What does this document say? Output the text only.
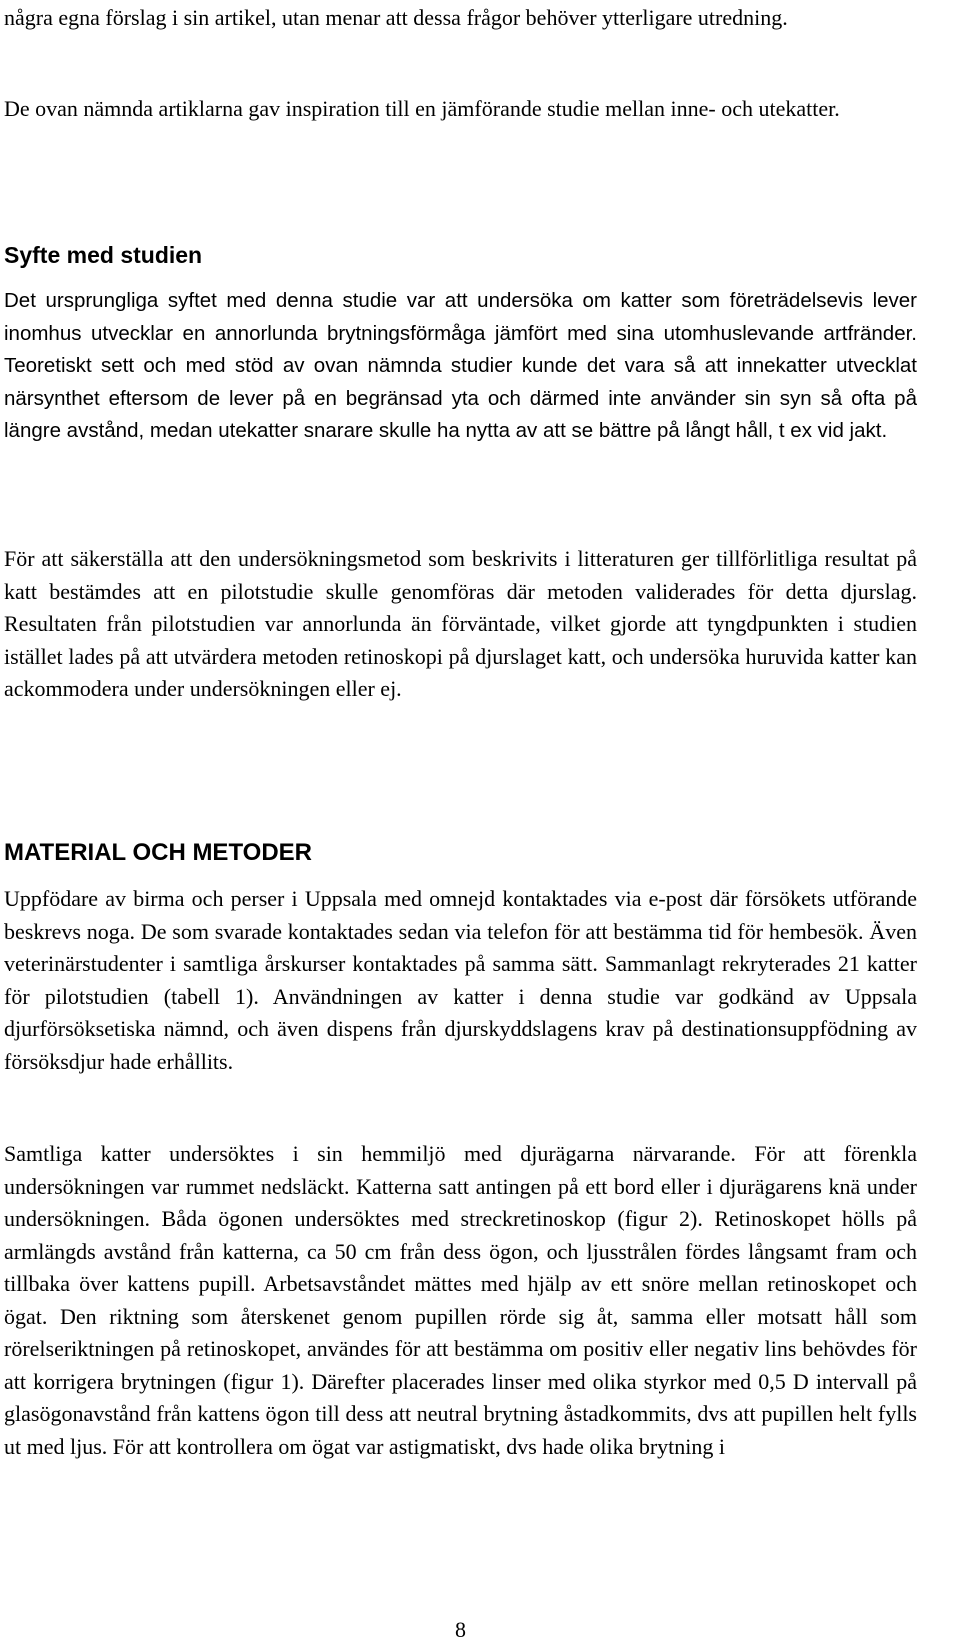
några egna förslag i sin artikel, utan menar att dessa frågor behöver ytterligare utredning.

De ovan nämnda artiklarna gav inspiration till en jämförande studie mellan inne- och utekatter.

Syfte med studien

Det ursprungliga syftet med denna studie var att undersöka om katter som företrädelsevis lever inomhus utvecklar en annorlunda brytningsförmåga jämfört med sina utomhuslevande artfränder. Teoretiskt sett och med stöd av ovan nämnda studier kunde det vara så att innekatter utvecklat närsynthet eftersom de lever på en begränsad yta och därmed inte använder sin syn så ofta på längre avstånd, medan utekatter snarare skulle ha nytta av att se bättre på långt håll, t ex vid jakt.

För att säkerställa att den undersökningsmetod som beskrivits i litteraturen ger tillförlitliga resultat på katt bestämdes att en pilotstudie skulle genomföras där metoden validerades för detta djurslag. Resultaten från pilotstudien var annorlunda än förväntade, vilket gjorde att tyngdpunkten i studien istället lades på att utvärdera metoden retinoskopi på djurslaget katt, och undersöka huruvida katter kan ackommodera under undersökningen eller ej.

MATERIAL OCH METODER

Uppfödare av birma och perser i Uppsala med omnejd kontaktades via e-post där försökets utförande beskrevs noga. De som svarade kontaktades sedan via telefon för att bestämma tid för hembesök. Även veterinärstudenter i samtliga årskurser kontaktades på samma sätt. Sammanlagt rekryterades 21 katter för pilotstudien (tabell 1). Användningen av katter i denna studie var godkänd av Uppsala djurförsöksetiska nämnd, och även dispens från djurskyddslagens krav på destinationsuppfödning av försöksdjur hade erhållits.

Samtliga katter undersöktes i sin hemmiljö med djurägarna närvarande. För att förenkla undersökningen var rummet nedsläckt. Katterna satt antingen på ett bord eller i djurägarens knä under undersökningen. Båda ögonen undersöktes med streckretinoskop (figur 2). Retinoskopet hölls på armlängds avstånd från katterna, ca 50 cm från dess ögon, och ljusstrålen fördes långsamt fram och tillbaka över kattens pupill. Arbetsavståndet mättes med hjälp av ett snöre mellan retinoskopet och ögat. Den riktning som återskenet genom pupillen rörde sig åt, samma eller motsatt håll som rörelseriktningen på retinoskopet, användes för att bestämma om positiv eller negativ lins behövdes för att korrigera brytningen (figur 1). Därefter placerades linser med olika styrkor med 0,5 D intervall på glasögonavstånd från kattens ögon till dess att neutral brytning åstadkommits, dvs att pupillen helt fylls ut med ljus. För att kontrollera om ögat var astigmatiskt, dvs hade olika brytning i

8
